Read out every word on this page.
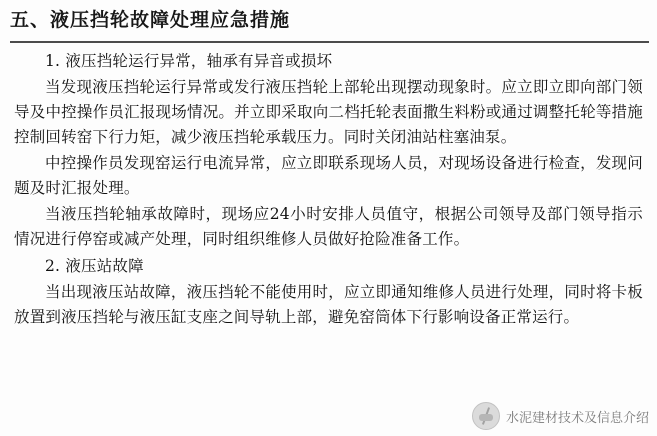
五、液压挡轮故障处理应急措施

1. 液压挡轮运行异常，轴承有异音或损坏

当发现液压挡轮运行异常或发行液压挡轮上部轮出现摆动现象时。应立即立即向部门领导及中控操作员汇报现场情况。并立即采取向二档托轮表面撒生料粉或通过调整托轮等措施控制回转窑下行力矩，减少液压挡轮承载压力。同时关闭油站柱塞油泵。

中控操作员发现窑运行电流异常，应立即联系现场人员，对现场设备进行检查，发现问题及时汇报处理。

当液压挡轮轴承故障时，现场应24小时安排人员值守，根据公司领导及部门领导指示情况进行停窑或减产处理，同时组织维修人员做好抢险准备工作。

2. 液压站故障

当出现液压站故障，液压挡轮不能使用时，应立即通知维修人员进行处理，同时将卡板放置到液压挡轮与液压缸支座之间导轨上部，避免窑筒体下行影响设备正常运行。

水泥建材技术及信息介绍
